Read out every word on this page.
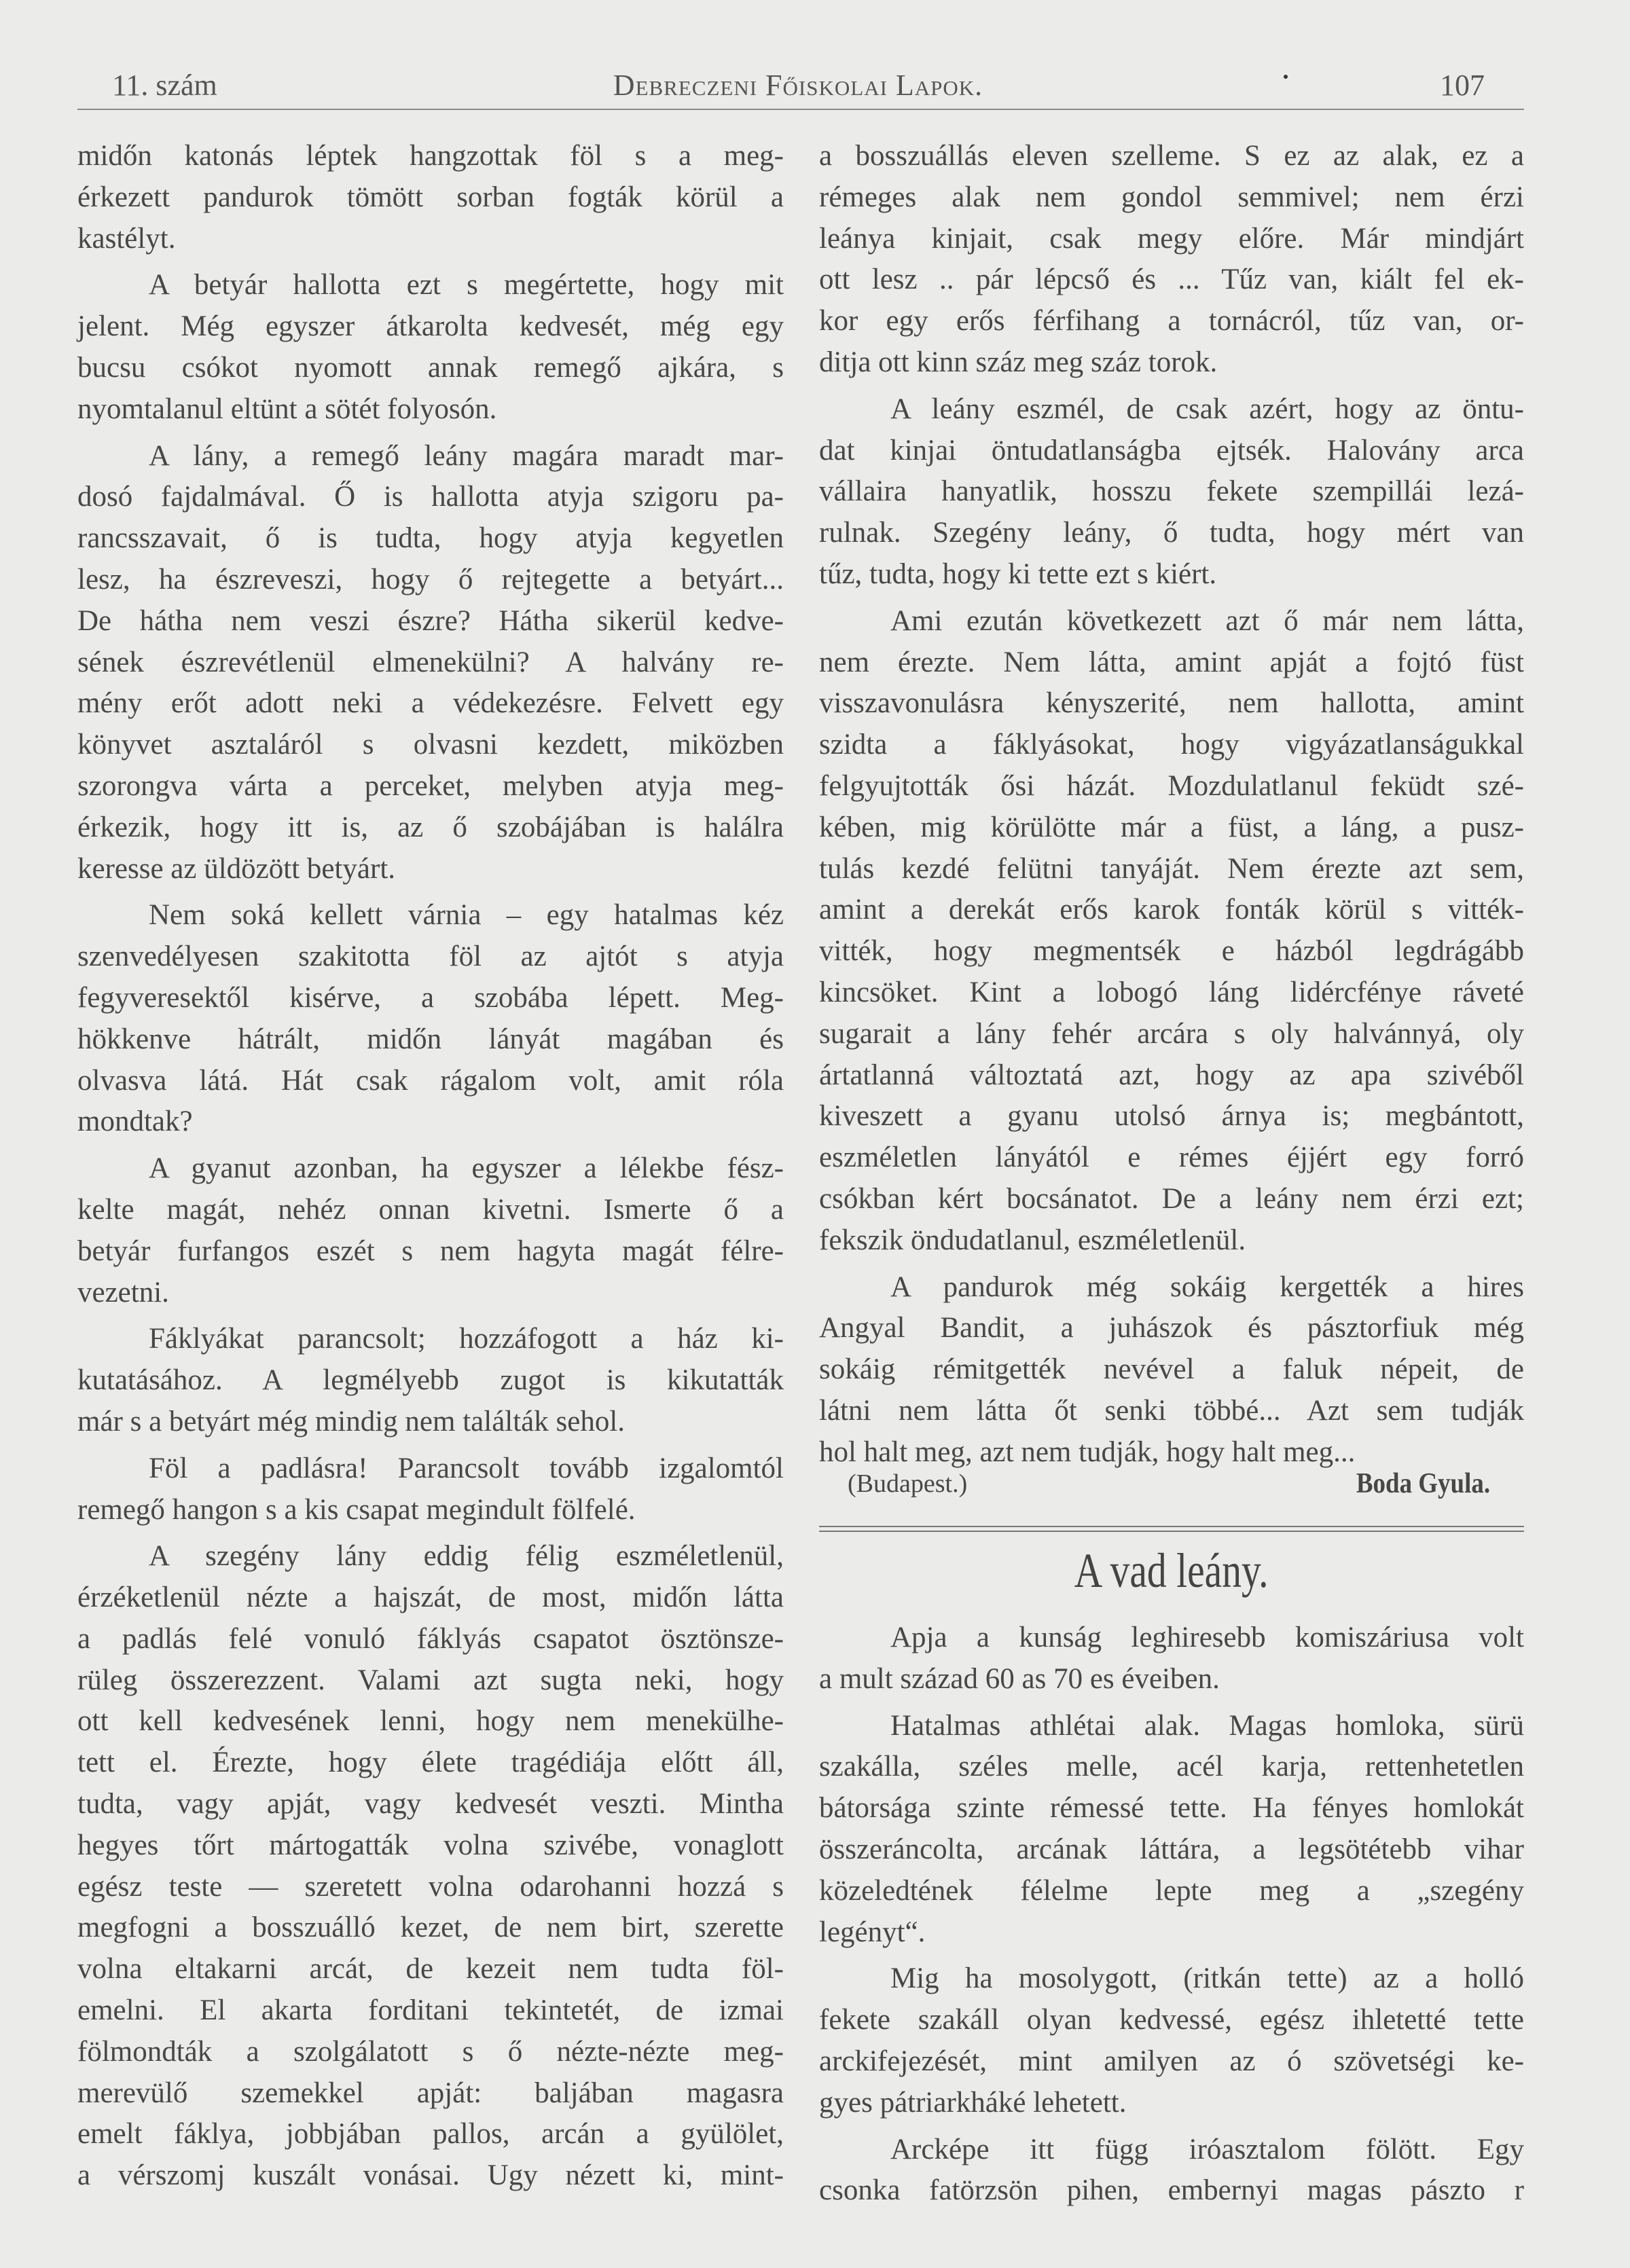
11. szám	Debreczeni Főiskolai Lapok.	107
midőn katonás léptek hangzottak föl s a meg-
érkezett pandurok tömött sorban fogták körül a
kastélyt.
A betyár hallotta ezt s megértette, hogy mit
jelent. Még egyszer átkarolta kedvesét, még egy
bucsu csókot nyomott annak remegő ajkára, s
nyomtalanul eltünt a sötét folyosón.
A lány, a remegő leány magára maradt mar-
dosó fajdalmával. Ő is hallotta atyja szigoru pa-
rancsszavait, ő is tudta, hogy atyja kegyetlen
lesz, ha észreveszi, hogy ő rejtegette a betyárt...
De hátha nem veszi észre? Hátha sikerül kedve-
sének észrevétlenül elmenekülni? A halvány re-
mény erőt adott neki a védekezésre. Felvett egy
könyvet asztaláról s olvasni kezdett, miközben
szorongva várta a perceket, melyben atyja meg-
érkezik, hogy itt is, az ő szobájában is halálra
keresse az üldözött betyárt.
Nem soká kellett várnia – egy hatalmas kéz
szenvedélyesen szakitotta föl az ajtót s atyja
fegyveresektől kisérve, a szobába lépett. Meg-
hökkenve hátrált, midőn lányát magában és
olvasva látá. Hát csak rágalom volt, amit róla
mondtak?
A gyanut azonban, ha egyszer a lélekbe fész-
kelte magát, nehéz onnan kivetni. Ismerte ő a
betyár furfangos eszét s nem hagyta magát félre-
vezetni.
Fáklyákat parancsolt; hozzáfogott a ház ki-
kutatásához. A legmélyebb zugot is kikutatták
már s a betyárt még mindig nem találták sehol.
Föl a padlásra! Parancsolt tovább izgalomtól
remegő hangon s a kis csapat megindult fölfelé.
A szegény lány eddig félig eszméletlenül,
érzéketlenül nézte a hajszát, de most, midőn látta
a padlás felé vonuló fáklyás csapatot ösztönsze-
rüleg összerezzent. Valami azt sugta neki, hogy
ott kell kedvesének lenni, hogy nem menekülhe-
tett el. Érezte, hogy élete tragédiája előtt áll,
tudta, vagy apját, vagy kedvesét veszti. Mintha
hegyes tőrt mártogatták volna szivébe, vonaglott
egész teste — szeretett volna odarohanni hozzá s
megfogni a bosszuálló kezet, de nem birt, szerette
volna eltakarni arcát, de kezeit nem tudta föl-
emelni. El akarta forditani tekintetét, de izmai
fölmondták a szolgálatott s ő nézte-nézte meg-
merevülő szemekkel apját: baljában magasra
emelt fáklya, jobbjában pallos, arcán a gyülölet,
a vérszomj kuszált vonásai. Ugy nézett ki, mint-
a bosszuállás eleven szelleme. S ez az alak, ez a
rémeges alak nem gondol semmivel; nem érzi
leánya kinjait, csak megy előre. Már mindjárt
ott lesz .. pár lépcső és ... Tűz van, kiált fel ek-
kor egy erős férfihang a tornácról, tűz van, or-
ditja ott kinn száz meg száz torok.
A leány eszmél, de csak azért, hogy az öntu-
dat kinjai öntudatlanságba ejtsék. Halovány arca
vállaira hanyatlik, hosszu fekete szempillái lezá-
rulnak. Szegény leány, ő tudta, hogy mért van
tűz, tudta, hogy ki tette ezt s kiért.
Ami ezután következett azt ő már nem látta,
nem érezte. Nem látta, amint apját a fojtó füst
visszavonulásra kényszerité, nem hallotta, amint
szidta a fáklyásokat, hogy vigyázatlanságukkal
felgyujtották ősi házát. Mozdulatlanul feküdt szé-
kében, mig körülötte már a füst, a láng, a pusz-
tulás kezdé felütni tanyáját. Nem érezte azt sem,
amint a derekát erős karok fonták körül s vitték-
vitték, hogy megmentsék e házból legdrágább
kincsöket. Kint a lobogó láng lidércfénye ráveté
sugarait a lány fehér arcára s oly halvánnyá, oly
ártatlanná változtatá azt, hogy az apa szivéből
kiveszett a gyanu utolsó árnya is; megbántott,
eszméletlen lányától e rémes éjjért egy forró
csókban kért bocsánatot. De a leány nem érzi ezt;
fekszik öndudatlanul, eszméletlenül.
A pandurok még sokáig kergették a hires
Angyal Bandit, a juhászok és pásztorfiuk még
sokáig rémitgették nevével a faluk népeit, de
látni nem látta őt senki többé... Azt sem tudják
hol halt meg, azt nem tudják, hogy halt meg...
(Budapest.)	Boda Gyula.
A vad leány.
Apja a kunság leghiresebb komiszáriusa volt
a mult század 60 as 70 es éveiben.
Hatalmas athlétai alak. Magas homloka, sürü
szakálla, széles melle, acél karja, rettenhetetlen
bátorsága szinte rémessé tette. Ha fényes homlokát
összeráncolta, arcának láttára, a legsötétebb vihar
közeledtének félelme lepte meg a „szegény
legényt“.
Mig ha mosolygott, (ritkán tette) az a holló
fekete szakáll olyan kedvessé, egész ihletetté tette
arckifejezését, mint amilyen az ó szövetségi ke-
gyes pátriarkháké lehetett.
Arcképe itt függ iróasztalom fölött. Egy
csonka fatörzsön pihen, embernyi magas pászto r
